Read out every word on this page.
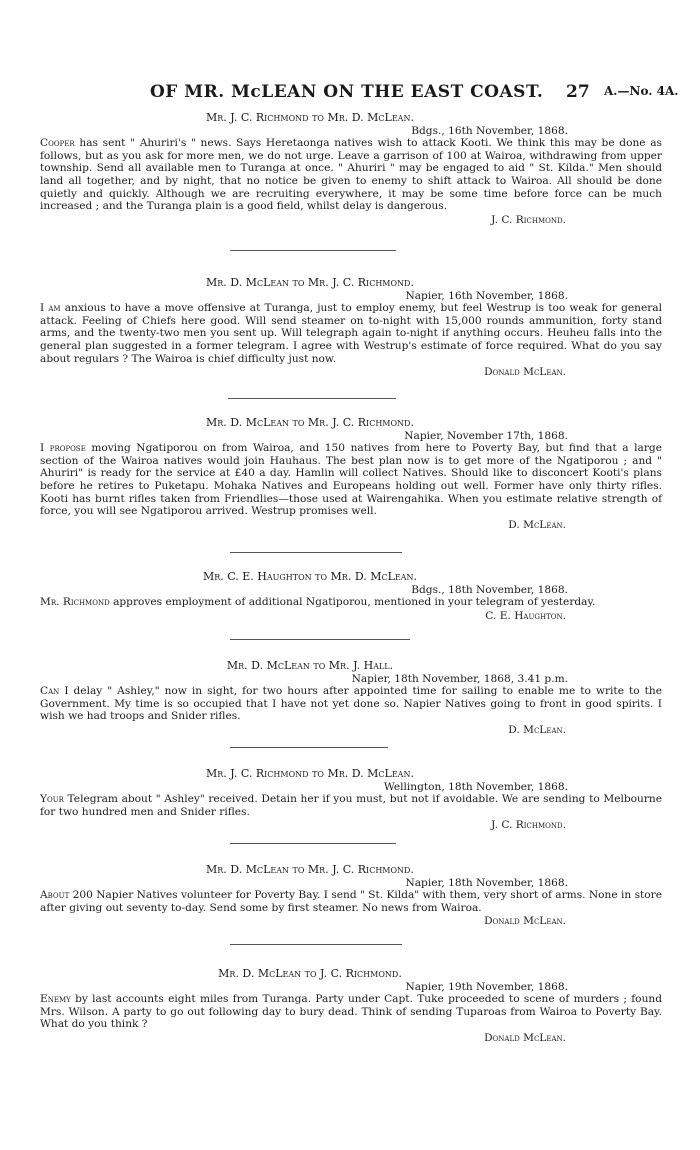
OF MR. McLEAN ON THE EAST COAST. 27 A.—No. 4A.
Mr. J. C. Richmond to Mr. D. McLean.
Bdgs., 16th November, 1868.

Cooper has sent " Ahuriri's " news. Says Heretaonga natives wish to attack Kooti. We think this may be done as follows, but as you ask for more men, we do not urge. Leave a garrison of 100 at Wairoa, withdrawing from upper township. Send all available men to Turanga at once. " Ahuriri " may be engaged to aid " St. Kilda." Men should land all together, and by night, that no notice be given to enemy to shift attack to Wairoa. All should be done quietly and quickly. Although we are recruiting everywhere, it may be some time before force can be much increased ; and the Turanga plain is a good field, whilst delay is dangerous.

J. C. Richmond.
Mr. D. McLean to Mr. J. C. Richmond.
Napier, 16th November, 1868.

I am anxious to have a move offensive at Turanga, just to employ enemy, but feel Westrup is too weak for general attack. Feeling of Chiefs here good. Will send steamer on to-night with 15,000 rounds ammunition, forty stand arms, and the twenty-two men you sent up. Will telegraph again to-night if anything occurs. Heuheu falls into the general plan suggested in a former telegram. I agree with Westrup's estimate of force required. What do you say about regulars ? The Wairoa is chief difficulty just now.

Donald McLean.
Mr. D. McLean to Mr. J. C. Richmond.
Napier, November 17th, 1868.

I propose moving Ngatiporou on from Wairoa, and 150 natives from here to Poverty Bay, but find that a large section of the Wairoa natives would join Hauhaus. The best plan now is to get more of the Ngatiporou ; and " Ahuriri" is ready for the service at £40 a day. Hamlin will collect Natives. Should like to disconcert Kooti's plans before he retires to Puketapu. Mohaka Natives and Europeans holding out well. Former have only thirty rifles. Kooti has burnt rifles taken from Friendlies—those used at Wairengahika. When you estimate relative strength of force, you will see Ngatiporou arrived. Westrup promises well.

D. McLean.
Mr. C. E. Haughton to Mr. D. McLean.
Bdgs., 18th November, 1868.

Mr. Richmond approves employment of additional Ngatiporou, mentioned in your telegram of yesterday.

C. E. Haughton.
Mr. D. McLean to Mr. J. Hall.
Napier, 18th November, 1868, 3.41 p.m.

Can I delay " Ashley," now in sight, for two hours after appointed time for sailing to enable me to write to the Government. My time is so occupied that I have not yet done so. Napier Natives going to front in good spirits. I wish we had troops and Snider rifles.

D. McLean.
Mr. J. C. Richmond to Mr. D. McLean.
Wellington, 18th November, 1868.

Your Telegram about " Ashley" received. Detain her if you must, but not if avoidable. We are sending to Melbourne for two hundred men and Snider rifles.

J. C. Richmond.
Mr. D. McLean to Mr. J. C. Richmond.
Napier, 18th November, 1868.

About 200 Napier Natives volunteer for Poverty Bay. I send " St. Kilda" with them, very short of arms. None in store after giving out seventy to-day. Send some by first steamer. No news from Wairoa.

Donald McLean.
Mr. D. McLean to J. C. Richmond.
Napier, 19th November, 1868.

Enemy by last accounts eight miles from Turanga. Party under Capt. Tuke proceeded to scene of murders ; found Mrs. Wilson. A party to go out following day to bury dead. Think of sending Tuparoas from Wairoa to Poverty Bay. What do you think ?

Donald McLean.
